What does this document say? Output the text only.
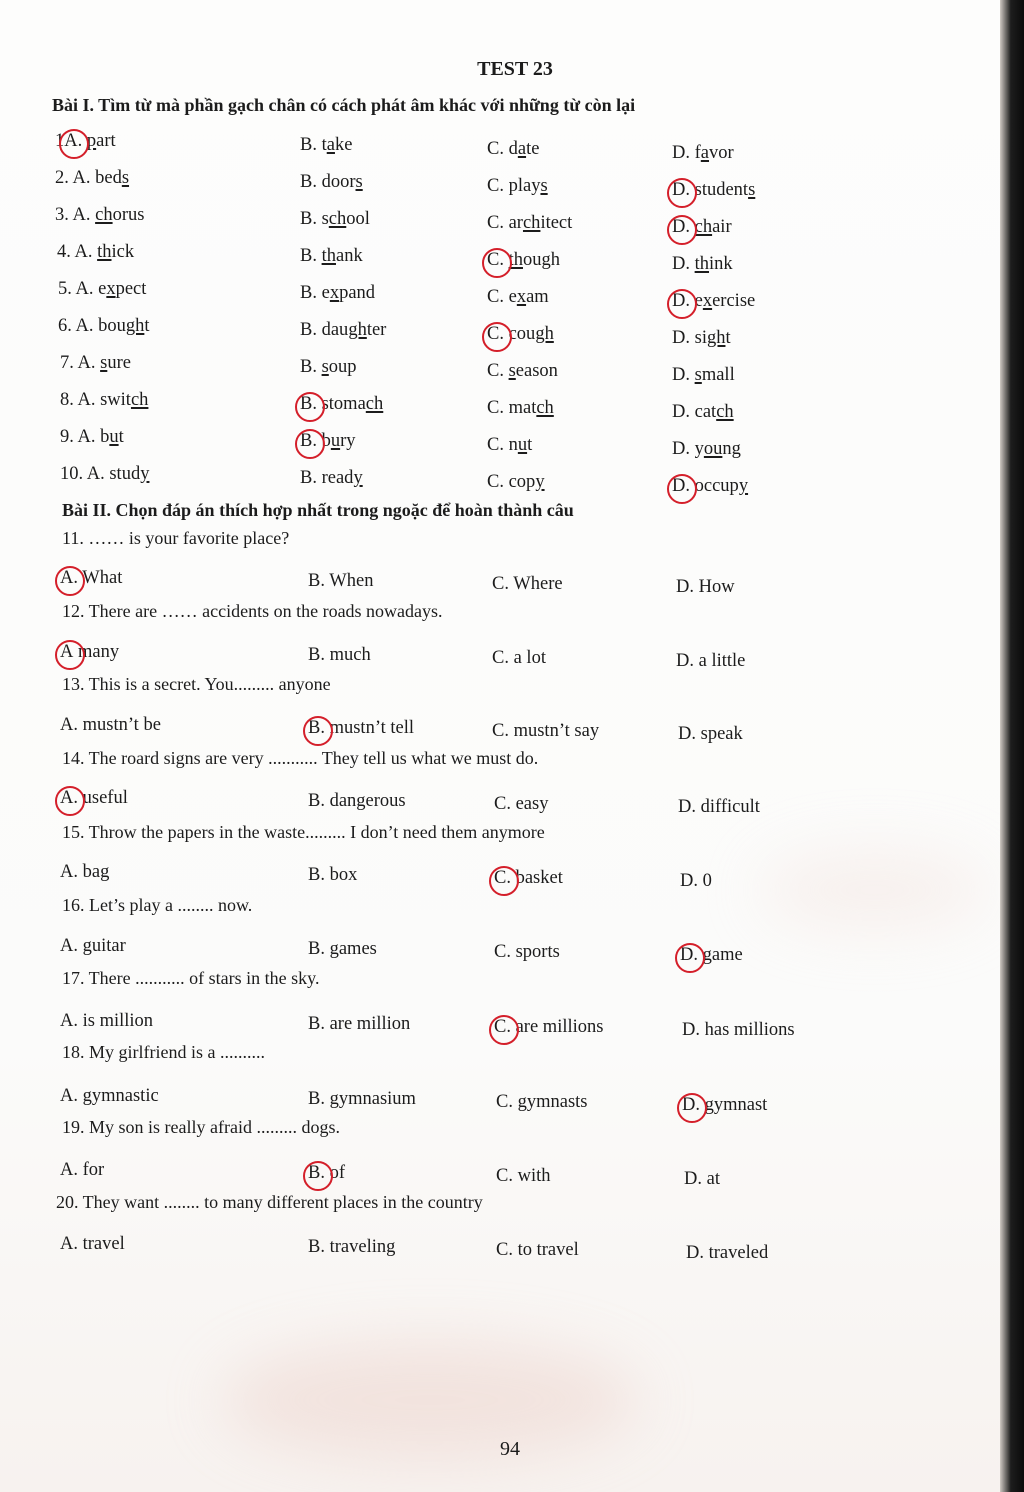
TEST 23
Bài I. Tìm từ mà phần gạch chân có cách phát âm khác với những từ còn lại
1A. part	B. take	C. date	D. favor
2. A. beds	B. doors	C. plays	D. students
3. A. chorus	B. school	C. architect	D. chair
4. A. thick	B. thank	C. though	D. think
5. A. expect	B. expand	C. exam	D. exercise
6. A. bought	B. daughter	C. cough	D. sight
7. A. sure	B. soup	C. season	D. small
8. A. switch	B. stomach	C. match	D. catch
9. A. but	B. bury	C. nut	D. young
10. A. study	B. ready	C. copy	D. occupy
Bài II. Chọn đáp án thích hợp nhất trong ngoặc để hoàn thành câu
11. …… is your favorite place?
A. What	B. When	C. Where	D. How
12. There are …… accidents on the roads nowadays.
A many	B. much	C. a lot	D. a little
13. This is a secret. You......... anyone
A. mustn’t be	B. mustn’t tell	C. mustn’t say	D. speak
14. The roard signs are very ........... They tell us what we must do.
A. useful	B. dangerous	C. easy	D. difficult
15. Throw the papers in the waste......... I don’t need them anymore
A. bag	B. box	C. basket	D. 0
16. Let’s play a ........ now.
A. guitar	B. games	C. sports	D. game
17. There ........... of stars in the sky.
A. is million	B. are million	C. are millions	D. has millions
18. My girlfriend is a ..........
A. gymnastic	B. gymnasium	C. gymnasts	D. gymnast
19. My son is really afraid ......... dogs.
A. for	B. of	C. with	D. at
20. They want ........ to many different places in the country
A. travel	B. traveling	C. to travel	D. traveled
94
